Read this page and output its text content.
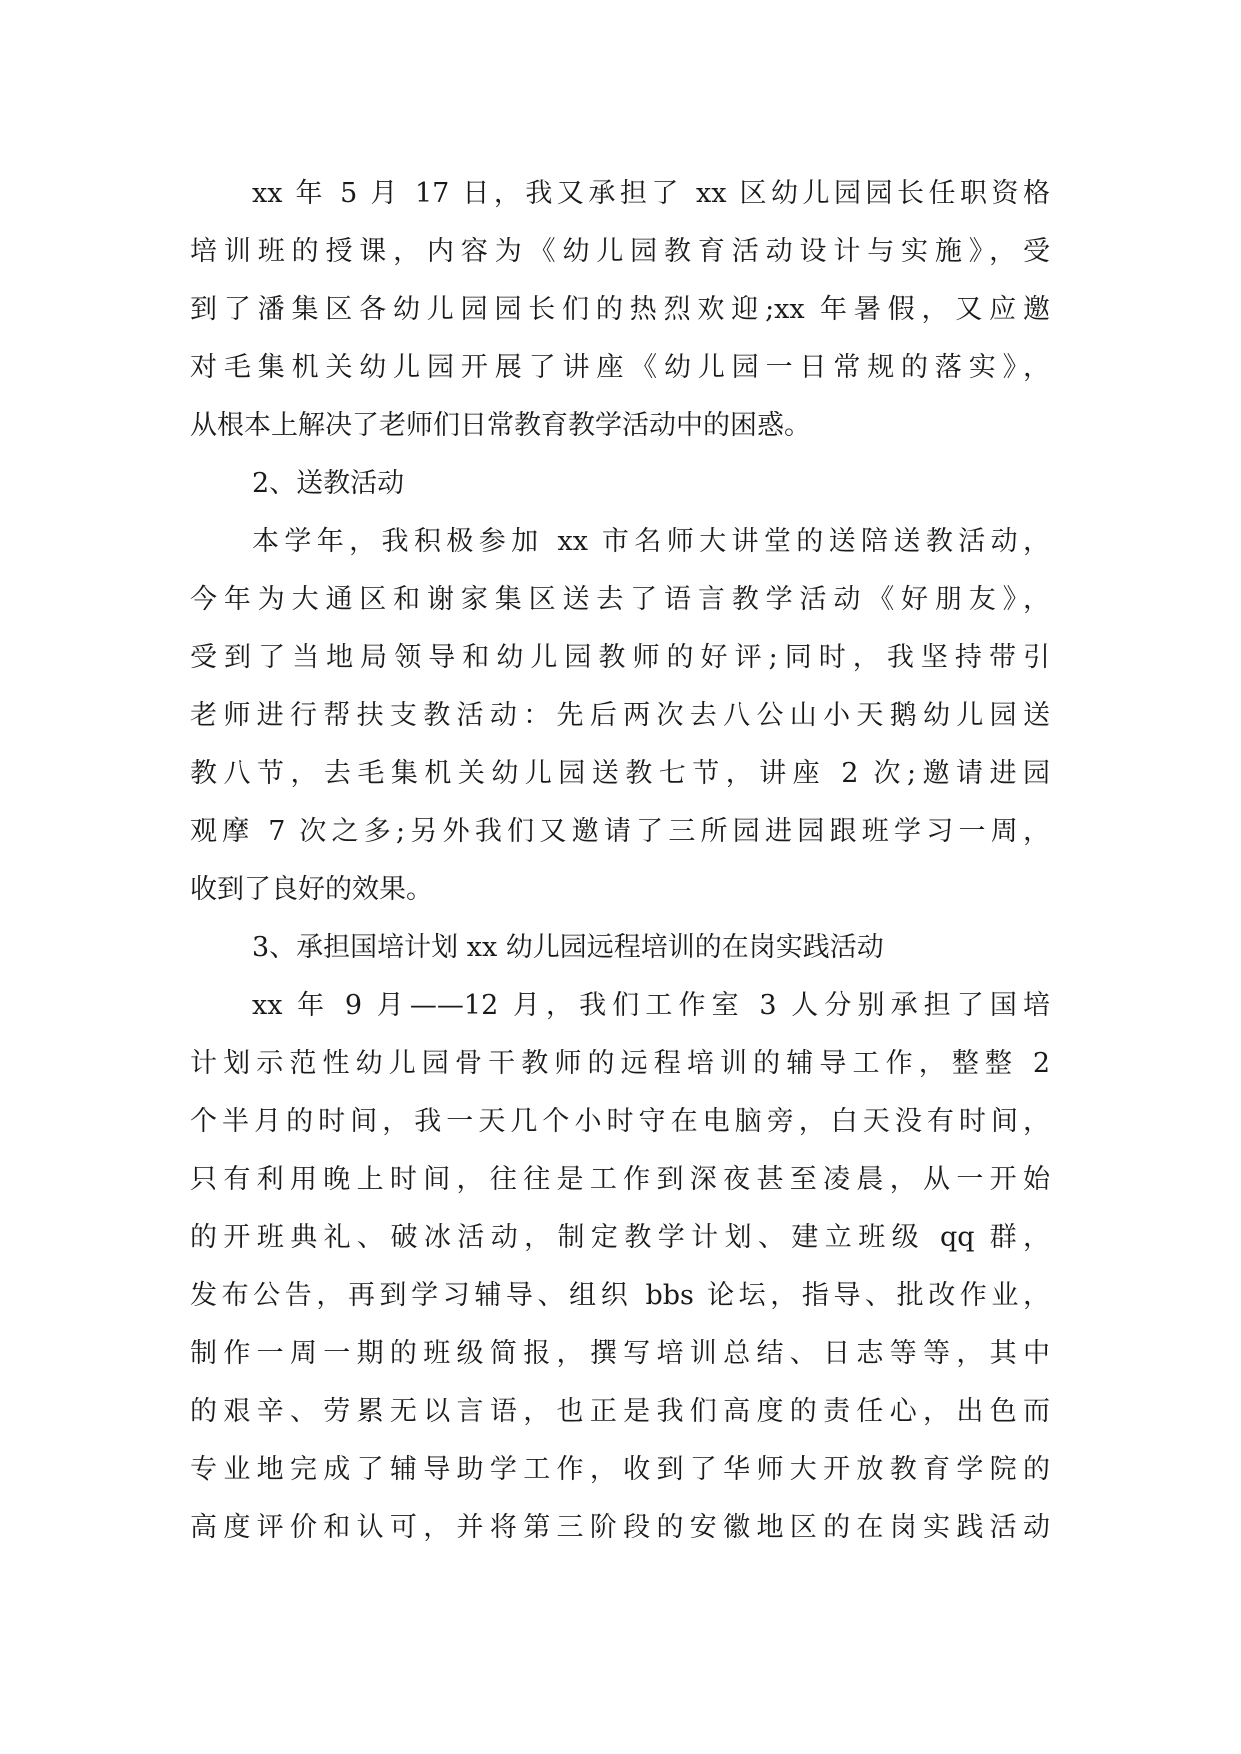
xx 年 5 月 17 日，我又承担了 xx 区幼儿园园长任职资格
培训班的授课，内容为《幼儿园教育活动设计与实施》，受
到了潘集区各幼儿园园长们的热烈欢迎;xx 年暑假，又应邀
对毛集机关幼儿园开展了讲座《幼儿园一日常规的落实》，
从根本上解决了老师们日常教育教学活动中的困惑。
2、送教活动
本学年，我积极参加 xx 市名师大讲堂的送陪送教活动，
今年为大通区和谢家集区送去了语言教学活动《好朋友》，
受到了当地局领导和幼儿园教师的好评;同时，我坚持带引
老师进行帮扶支教活动：先后两次去八公山小天鹅幼儿园送
教八节，去毛集机关幼儿园送教七节，讲座 2 次;邀请进园
观摩 7 次之多;另外我们又邀请了三所园进园跟班学习一周，
收到了良好的效果。
3、承担国培计划 xx 幼儿园远程培训的在岗实践活动
xx 年 9 月——12 月，我们工作室 3 人分别承担了国培
计划示范性幼儿园骨干教师的远程培训的辅导工作，整整 2
个半月的时间，我一天几个小时守在电脑旁，白天没有时间，
只有利用晚上时间，往往是工作到深夜甚至凌晨，从一开始
的开班典礼、破冰活动，制定教学计划、建立班级 qq 群，
发布公告，再到学习辅导、组织 bbs 论坛，指导、批改作业，
制作一周一期的班级简报，撰写培训总结、日志等等，其中
的艰辛、劳累无以言语，也正是我们高度的责任心，出色而
专业地完成了辅导助学工作，收到了华师大开放教育学院的
高度评价和认可，并将第三阶段的安徽地区的在岗实践活动
